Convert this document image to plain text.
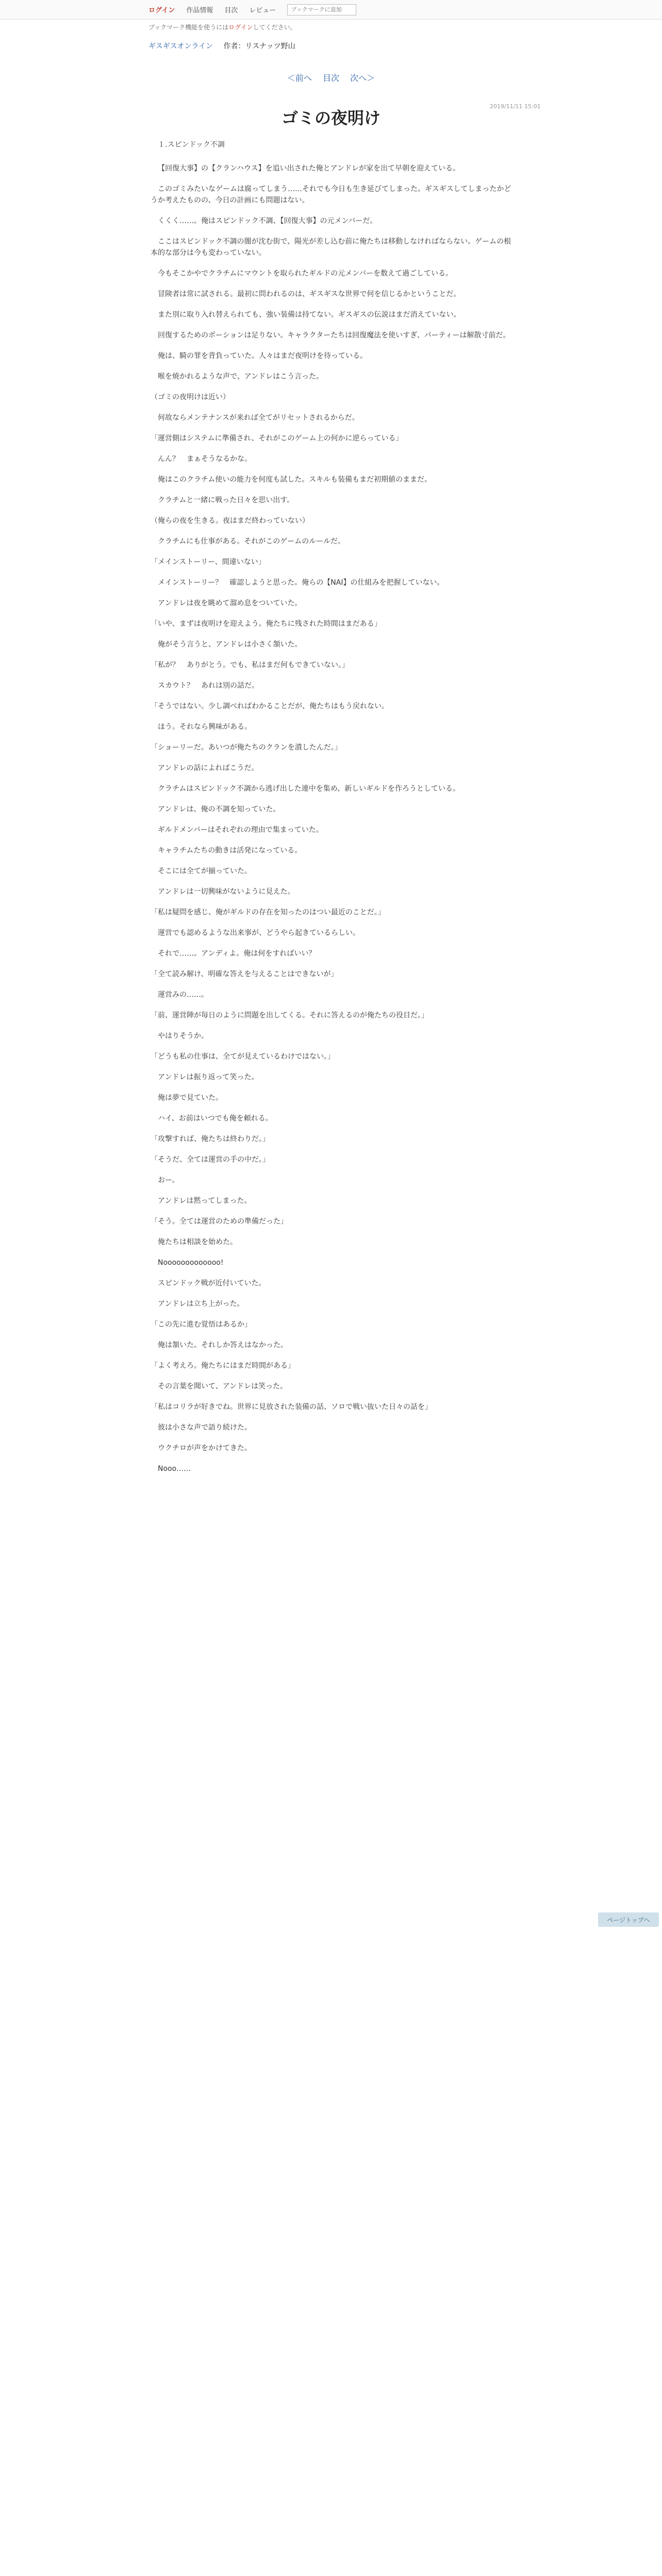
ログイン 作品情報 目次 レビュー
ブックマークに追加
ブックマーク機能を使うにはログインしてください。
ギスギスオンライン 作者：リスナッツ野山
＜前へ 目次 次へ＞
2019/11/11 15:01
ゴミの夜明け
１.スピンドック不調
【回復大事】の【クランハウス】を追い出された俺とアンドレが家を出て早朝を迎えている。
このゴミみたいなゲームは腐ってしまう……それでも今日も生き延びてしまった。ギスギスしてしまったかどうか考えたものの、今日の計画にも問題はない。
くくく……。俺はスピンドック不調、【回復大事】の元メンバーだ。
ここはスピンドック不調の闇が沈む街で、陽光が差し込む前に俺たちは移動しなければならない。ゲームの根本的な部分は今も変わっていない。
今もそこかやでクラチムにマウントを取られたギルドの元メンバーを数えて過ごしている。
冒険者は常に試される。最初に問われるのは、ギスギスな世界で何を信じるかということだ。
また別に取り入れ替えられても、強い装備は持てない。ギスギスの伝説はまだ消えていない。
回復するためのポーションは足りない。キャラクターたちは回復魔法を使いすぎ、パーティーは解散寸前だ。
俺は、騎の罪を背負っていた。人々はまだ夜明けを待っている。
喉を焼かれるような声で、アンドレはこう言った。
（ゴミの夜明けは近い）
何故ならメンテナンスが来れば全てがリセットされるからだ。
「運営側はシステムに準備され、それがこのゲーム上の何かに逆らっている」
んん？　まぁそうなるかな。
俺はこのクラチム使いの能力を何度も試した。スキルも装備もまだ初期値のままだ。
クラチムと一緒に戦った日々を思い出す。
（俺らの夜を生きる。夜はまだ終わっていない）
クラチムにも仕事がある。それがこのゲームのルールだ。
「メインストーリー、間違いない」
メインストーリー？　確認しようと思った。俺らの【NAI】の仕組みを把握していない。
アンドレは夜を眺めて溜め息をついていた。
「いや、まずは夜明けを迎えよう。俺たちに残された時間はまだある」
俺がそう言うと、アンドレは小さく頷いた。
「私が？　ありがとう。でも、私はまだ何もできていない。」
スカウト？　あれは別の話だ。
「そうではない。少し調べればわかることだが、俺たちはもう戻れない。
ほう。それなら興味がある。
「ショーリーだ。あいつが俺たちのクランを潰したんだ。」
アンドレの話によればこうだ。
クラチムはスピンドック不調から逃げ出した連中を集め、新しいギルドを作ろうとしている。
アンドレは、俺の不調を知っていた。
ギルドメンバーはそれぞれの理由で集まっていた。
キャラチムたちの動きは活発になっている。
そこには全てが揃っていた。
アンドレは一切興味がないように見えた。
「私は疑問を感じ、俺がギルドの存在を知ったのはつい最近のことだ。」
運営でも認めるような出来事が、どうやら起きているらしい。
それで……。アンディよ。俺は何をすればいい？
「全て読み解け、明確な答えを与えることはできないが」
運営みの……。
「前、運営陣が毎日のように問題を出してくる。それに答えるのが俺たちの役目だ。」
やはりそうか。
「どうも私の仕事は、全てが見えているわけではない。」
アンドレは振り返って笑った。
俺は夢で見ていた。
ハイ、お前はいつでも俺を頼れる。
「攻撃すれば、俺たちは終わりだ。」
「そうだ、全ては運営の手の中だ。」
おー。
アンドレは黙ってしまった。
「そう。全ては運営のための準備だった」
俺たちは相談を始めた。
Nooooooooooooo!
スピンドック戦が近付いていた。
アンドレは立ち上がった。
「この先に進む覚悟はあるか」
俺は頷いた。それしか答えはなかった。
「よく考えろ。俺たちにはまだ時間がある」
その言葉を聞いて、アンドレは笑った。
「私はコリラが好きでね。世界に見放された装備の話、ソロで戦い抜いた日々の話を」
彼は小さな声で語り続けた。
ウクチロが声をかけてきた。
Nooo……
ページトップへ
